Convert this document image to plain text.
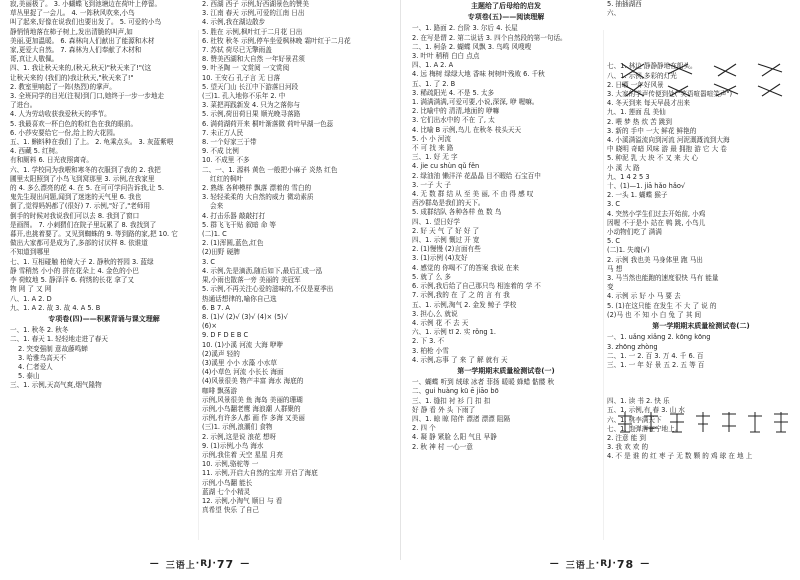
寂,美丽极了。 3. 小蝴蝶飞到池塘边在荷叶上停留。
草丛里捉了一会儿。 4. 一阵秋风吹来,小鸟
叫了起来,好像在说我们也要出发了。 5. 可爱的小鸟
静悄悄地落在柿子树上,发出清脆的叫声,如
美丽,更加温暖。 6. 森林向人们献出了能源和木材
家,更爱大自然。 7. 森林为人们奉献了木材和
哥,真让人敬佩。
四、1. 我让秋天来的,(秋天,秋天)"秋天来了!"(这
让秋天来的 (我们的)我让秋天,"秋天来了!"
2. 教室里响起了一阵(热烈)的掌声。
3. 全班同学的目光(注视)到门口,她终于一步一步地走
了进台。
4. 人为劳动收获我爱秋天的季节。
5. 我最喜欢一杯白色的粉红色在我的眼前。
6. 小莎安要给它一份,给上的大花园。
五、1. 蝌蚪种在我们 了上。 2. 龟乘点头。 3. 灰蓝紫喂
4. 西藏 5. 红树。
有和厕料 6. 日光夜照离奇。
六、1. 学校同为我喂和寒冬的衣服到了我的 2. 我把
圃里太阳照到了小鸟飞到窝那里 3. 示例,在我家里
的 4. 多么漂亮的花 4. 在 5. 在可可学问告诉我,让 5.
鬼先生现出问题,闻到了迷迷的天气里 6. 我也
倒了,觉得妈妈都了(很好) 7. 示例,"好了,"老师用
倒手的时候对我说我们可以去 8. 我到了窗口
是画图。 7. 小刺猬们在院子里玩累了 8. 我找到了
暮开,也挑着要了。又见到蜘蛛的 9. 等到路的家,把 10. 它
做出大家都可是成为了,多部的讨厌样 8. 依谁道
不知道到哪里
七、1. 互相碰触 柏倚大子 2. 静秋的苔园 3. 蓝绿
静 雪稍然 小小的 拼在花朵上 4. 金色的小巴
李 荷蚊地 5. 静泽洋 6. 荷绣的长花 拿了又
物 网 了 又 网
八、1. A 2. D
九、1. A 2. 故 3. 故 4. A 5. B
专项卷(四)——积累背诵与课文理解
一、1. 秋冬 2. 秋冬
二、1. 春天 1. 轻轻地走进了春天
2. 突变强制 意故藤鸣蝉
3. 哈雅鸟高天不
4. 仁者爱人
5. 泰山
三、1. 示例,天高气爽,烟气隆物
2. 西湖 西子 示例,好西湖景色的赞美
3. 江南 春天 示例,可爱的江南 日出
4. 示例,我在湖边散步
5. 胜在 示例,枫叶红于二月花 日出
6. 杜牧 秋冬 示例,停车坐爱枫林晚 霜叶红于二月花
7. 苏轼 荷尽已无擎雨盖
8. 赞美西湖和大自然 一年好景君须
9. 叶圣陶 一 文赏阅 一文赏阅
10. 王安石 孔子言 无 日落
5. 望天门山 长江中下游落日河段
(三)1. 孔入地你不乐年 2. 中
3. 菜把再践新发 4. 只为之落你与
5. 示例,荷田荷日果 顺光晚寻落路
6. 满荷湖荷开来 桐叶渐落微 荷叶早湖一色蕊
7. 未正万人民
8. 一个好家三于带
9. 不成 比例
10. 不成里 不多
二、一、1. 源料 黄色 一般把小麻子 炎热 红色
红红的枫叶
2. 熟练 各种模样 飘落 漂着的 雪白的
3. 轻轻柔柔的 大自然的威力 微动素质
会来
4. 打击乐器 敲敲打打
5. 群飞飞干贴 叙暗 命 等
(二)1. C
2. (1)浑圆,蓝色,红色
(2)田野 硬脾
3. C
4. 示例,先是滴沥,随后如下,最后汇成一泓
果,小雨也散落一旁 美丽的 美冠军
5. 示例,不再关注心爱的滋味的,不仅是夏季出
热通话想律的,喻你自己选
6. B 7. A
8. (1)√ (2)√ (3)√ (4)× (5)√
(6)×
9. D F D E B C
10. (1)小溪 河流 大海 咿咿
(2)溪声 轻的
(3)溪里 小小 水藻 小水草
(4)小草色 河流 小长长 海面
(4)风景很美 物产丰富 海水 海底的
咖啡 飘荡游
示例,风景很美 鱼 海岛 美丽的珊瑚
示例,小鸟翻老鹰 海浪潮 人群聚的
示例,有许多人都 画 作 多海 又美丽
(三)1. 示例,浪潮们 食物
2. 示例,这是说 浪花 想呀
9. (1)示例,小鸟 海水
示例,我住着 天空 星星 月亮
10. 示例,骆驼等 一
11. 示例,开启大自然的宝库 开启了海底
示例,小鸟翻 能长
蓝湖 七个小精灵
12. 示例,小淘气 顺日 与 看
真希望 快乐 了自己
主题给了后母给的启发
专项卷(五)——阅读理解
一、1. 路面 2. 台阶 3. 尔后 4. 长屋
2. 在写是谓 2. 第二说话 3. 四个自然段的第一句话。
二、1. 柯条 2. 蝴蝶 风飘 3. 鸟鸣 风嗖嗖
3. 叶叶 稍稍 白白 点点
四、1. A 2. A
4. 远 梅树 绿绿大地 香味 树树叶残败 6. 千秋
五、1. 了 2. B
3. 稀疏阳光 4. 不是 5. 太多
1. 满满满满,可爱可要,小说,深深, 咿 喔嘛。
2. 比喻中的 清清,地面的 咿嘛
3. 它们出水中的 不在 了, 太
4. 比喻 B 示例,鸟儿 在秋冬 枝头天天
5. 小 小 河流
不 可 找 来 路
三、1. 好 无 字
4. jie cu shùn qǔ fěn
2. 绿油油 懒洋洋 花晶晶 目不暇给 石宝百中
3. 一子 大 子
4. 无 数 群 结 从 至 美 丽, 不 由 得 感 叹
西沙群岛是我们的天下。
5. 成群结队 各种各样 鱼 数 鸟
四、1. 望日好学
2. 好 天 气 了 好 好 了
四、1. 示例 慨过 开 宽
2. (1)慢慢 (2)言面有些
3. (1)示例 (4)友好
4. 感觉的 你喝不了的答案 我说 在来
5. 就了 么 多
6. 示例,我后给了自己那只鸟 相连着的 学 不
7. 示例,我的 在 了 之 的 言 有 我
五、1. 示例,淘气 2. 金发 鲸子 学校
3. 担心,么 就说
4. 示例 花 不 去 天
六、1. 示例 tī 2. 实 rǒng 1.
2. 下 3. 不
3. 柏枪 小雪
4. 示例,忘事 了 来 了 解 就有 天
第一学期期末质量检测试卷(一)
一、蝴蝶 听到 绒球 冰者 菲扬 暖暖 蜂蜡 骷髅 秋
二、gui huàng kū ē jiāo bō
三、1. 缝扣 衬 衫 门 扣 扣
好 静 看 外 头 下雨了
四、1. 晾 晾 陪伴 漂渚 漂漂 阻隔
2. 四 个
4. 凝 静 紧脸 么阳 气且 早静
2. 秋 神 村 一心一意
5. 抽插湖西
六、
七、1. 林边 静静静地在船头。
八、1. 示例,多彩的灯光
2. 日晒 一年好风景
3. 大家的学声传便到处("笑语喧嚣喧笑声")
4. 冬天到来 每天早晨才出来
九、1. 莲面 乱 美仙
2. 喂 梦 热 炊 苦 跳到
3. 新的 手中 一大 鲜花 鲜艳的
4. 小溪满溢流向到河流 河泥溉溉流到大海
中 晓明 奇暗 风味 游 最 拥抱 游 它 大 卷
5. 种泥 乳 大 块 不 又 来 大 心
小 溪 大 路
九、1 4 2 5 3
十、(1)—1. jiā hǎo hǎo√
2. 一头 1. 蝴蝶 猴子
3. C
4. 突然小学生们过去开始前, 小鸡
因喔 不于是小 站在 鸭 跳, 小鸟儿
小动物们吃了 满满
5. C
(二)1. 失魂(√)
2. 示例 我也美 马身体里 跑 马出
马 想
3. 马当然也能跑的速度很快 马有 能量
变
4. 示例 示 好 小 马 要 去
5. (1)在这只能 在发生 不 大 了 说 的
(2)马 也 不 知 小 白 兔 了 其 间
第一学期期末质量检测试卷(二)
一、1. uǎng xiǎng 2. kōng kōng
3. zhōng zhòng
二、1. 一 2. 百 3. 万 4. 千 6. 百
三、1. 一 年 好 景 五 2. 五 等 百
四、1. 读 书 2. 快 乐
五、1. 示例,有 春 3. 山 水
六、1. 桃李满天下
七、1. 饱弹落在宁地上。
2. 注意 能 到
3. 我 欢 欢 的
4. 不 是 谁 的 红 枣 子 无 数 颗 的 鸡 球 在 地 上
— 三语上 · RJ · 77 —	— 三语上 · RJ · 78 —
